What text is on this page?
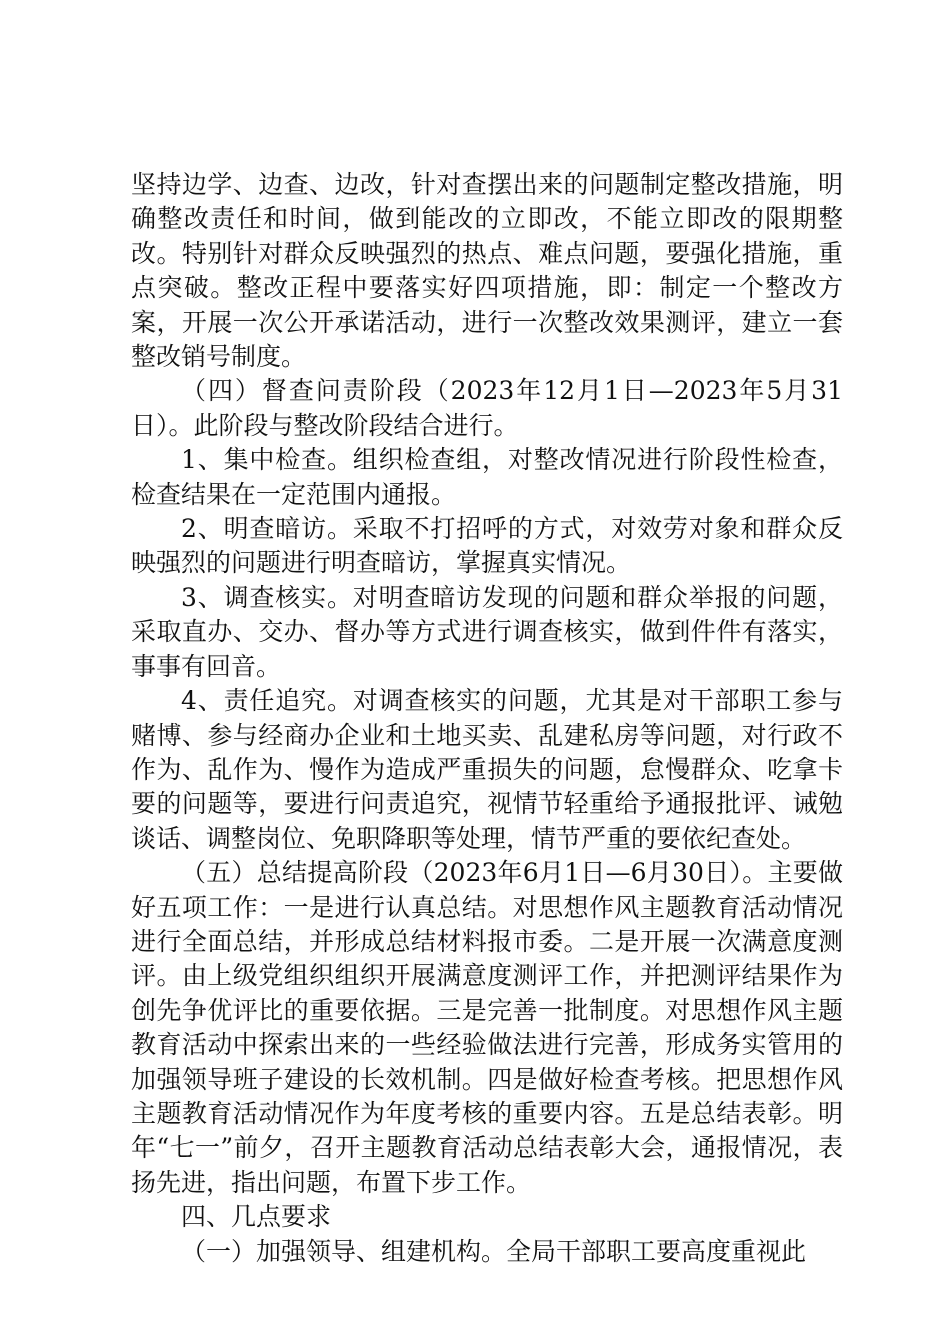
坚持边学、边查、边改，针对查摆出来的问题制定整改措施，明确整改责任和时间，做到能改的立即改，不能立即改的限期整改。特别针对群众反映强烈的热点、难点问题，要强化措施，重点突破。整改正程中要落实好四项措施，即：制定一个整改方案，开展一次公开承诺活动，进行一次整改效果测评，建立一套整改销号制度。

（四）督查问责阶段（2023年12月1日—2023年5月31日）。此阶段与整改阶段结合进行。

1、集中检查。组织检查组，对整改情况进行阶段性检查，检查结果在一定范围内通报。

2、明查暗访。采取不打招呼的方式，对效劳对象和群众反映强烈的问题进行明查暗访，掌握真实情况。

3、调查核实。对明查暗访发现的问题和群众举报的问题，采取直办、交办、督办等方式进行调查核实，做到件件有落实，事事有回音。

4、责任追究。对调查核实的问题，尤其是对干部职工参与赌博、参与经商办企业和土地买卖、乱建私房等问题，对行政不作为、乱作为、慢作为造成严重损失的问题，怠慢群众、吃拿卡要的问题等，要进行问责追究，视情节轻重给予通报批评、诫勉谈话、调整岗位、免职降职等处理，情节严重的要依纪查处。

（五）总结提高阶段（2023年6月1日—6月30日）。主要做好五项工作：一是进行认真总结。对思想作风主题教育活动情况进行全面总结，并形成总结材料报市委。二是开展一次满意度测评。由上级党组织组织开展满意度测评工作，并把测评结果作为创先争优评比的重要依据。三是完善一批制度。对思想作风主题教育活动中探索出来的一些经验做法进行完善，形成务实管用的加强领导班子建设的长效机制。四是做好检查考核。把思想作风主题教育活动情况作为年度考核的重要内容。五是总结表彰。明年“七一”前夕，召开主题教育活动总结表彰大会，通报情况，表扬先进，指出问题，布置下步工作。

四、几点要求

（一）加强领导、组建机构。全局干部职工要高度重视此
